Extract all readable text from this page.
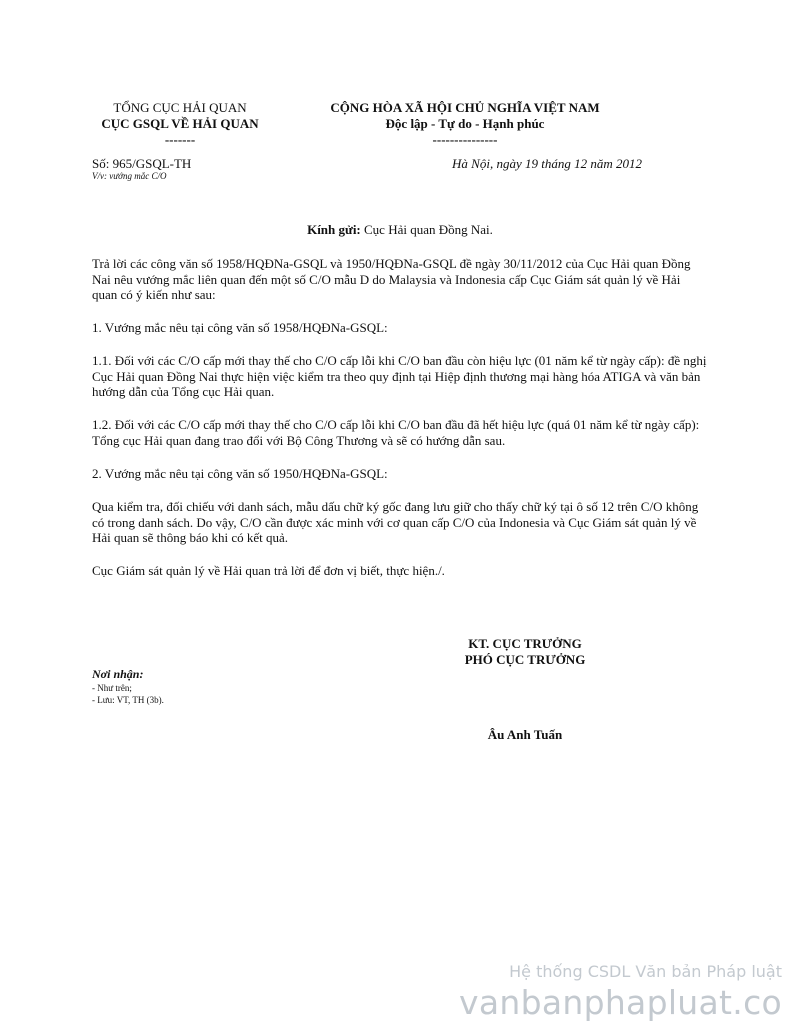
TỔNG CỤC HẢI QUAN
CỤC GSQL VỀ HẢI QUAN
-------
CỘNG HÒA XÃ HỘI CHỦ NGHĨA VIỆT NAM
Độc lập - Tự do - Hạnh phúc
---------------
Số: 965/GSQL-TH
V/v: vướng mắc C/O
Hà Nội, ngày 19 tháng 12 năm 2012
Kính gửi: Cục Hải quan Đồng Nai.
Trả lời các công văn số 1958/HQĐNa-GSQL và 1950/HQĐNa-GSQL đề ngày 30/11/2012 của Cục Hải quan Đồng Nai nêu vướng mắc liên quan đến một số C/O mẫu D do Malaysia và Indonesia cấp Cục Giám sát quản lý về Hải quan có ý kiến như sau:
1. Vướng mắc nêu tại công văn số 1958/HQĐNa-GSQL:
1.1. Đối với các C/O cấp mới thay thế cho C/O cấp lỗi khi C/O ban đầu còn hiệu lực (01 năm kể từ ngày cấp): đề nghị Cục Hải quan Đồng Nai thực hiện việc kiểm tra theo quy định tại Hiệp định thương mại hàng hóa ATIGA và văn bản hướng dẫn của Tổng cục Hải quan.
1.2. Đối với các C/O cấp mới thay thế cho C/O cấp lỗi khi C/O ban đầu đã hết hiệu lực (quá 01 năm kể từ ngày cấp): Tổng cục Hải quan đang trao đổi với Bộ Công Thương và sẽ có hướng dẫn sau.
2. Vướng mắc nêu tại công văn số 1950/HQĐNa-GSQL:
Qua kiểm tra, đối chiếu với danh sách, mẫu dấu chữ ký gốc đang lưu giữ cho thấy chữ ký tại ô số 12 trên C/O không có trong danh sách. Do vậy, C/O cần được xác minh với cơ quan cấp C/O của Indonesia và Cục Giám sát quản lý về Hải quan sẽ thông báo khi có kết quả.
Cục Giám sát quản lý về Hải quan trả lời để đơn vị biết, thực hiện./.
KT. CỤC TRƯỞNG
PHÓ CỤC TRƯỞNG
Âu Anh Tuấn
Nơi nhận:
- Như trên;
- Lưu: VT, TH (3b).
Hệ thống CSDL Văn bản Pháp luật
vanbanphapluat.co
